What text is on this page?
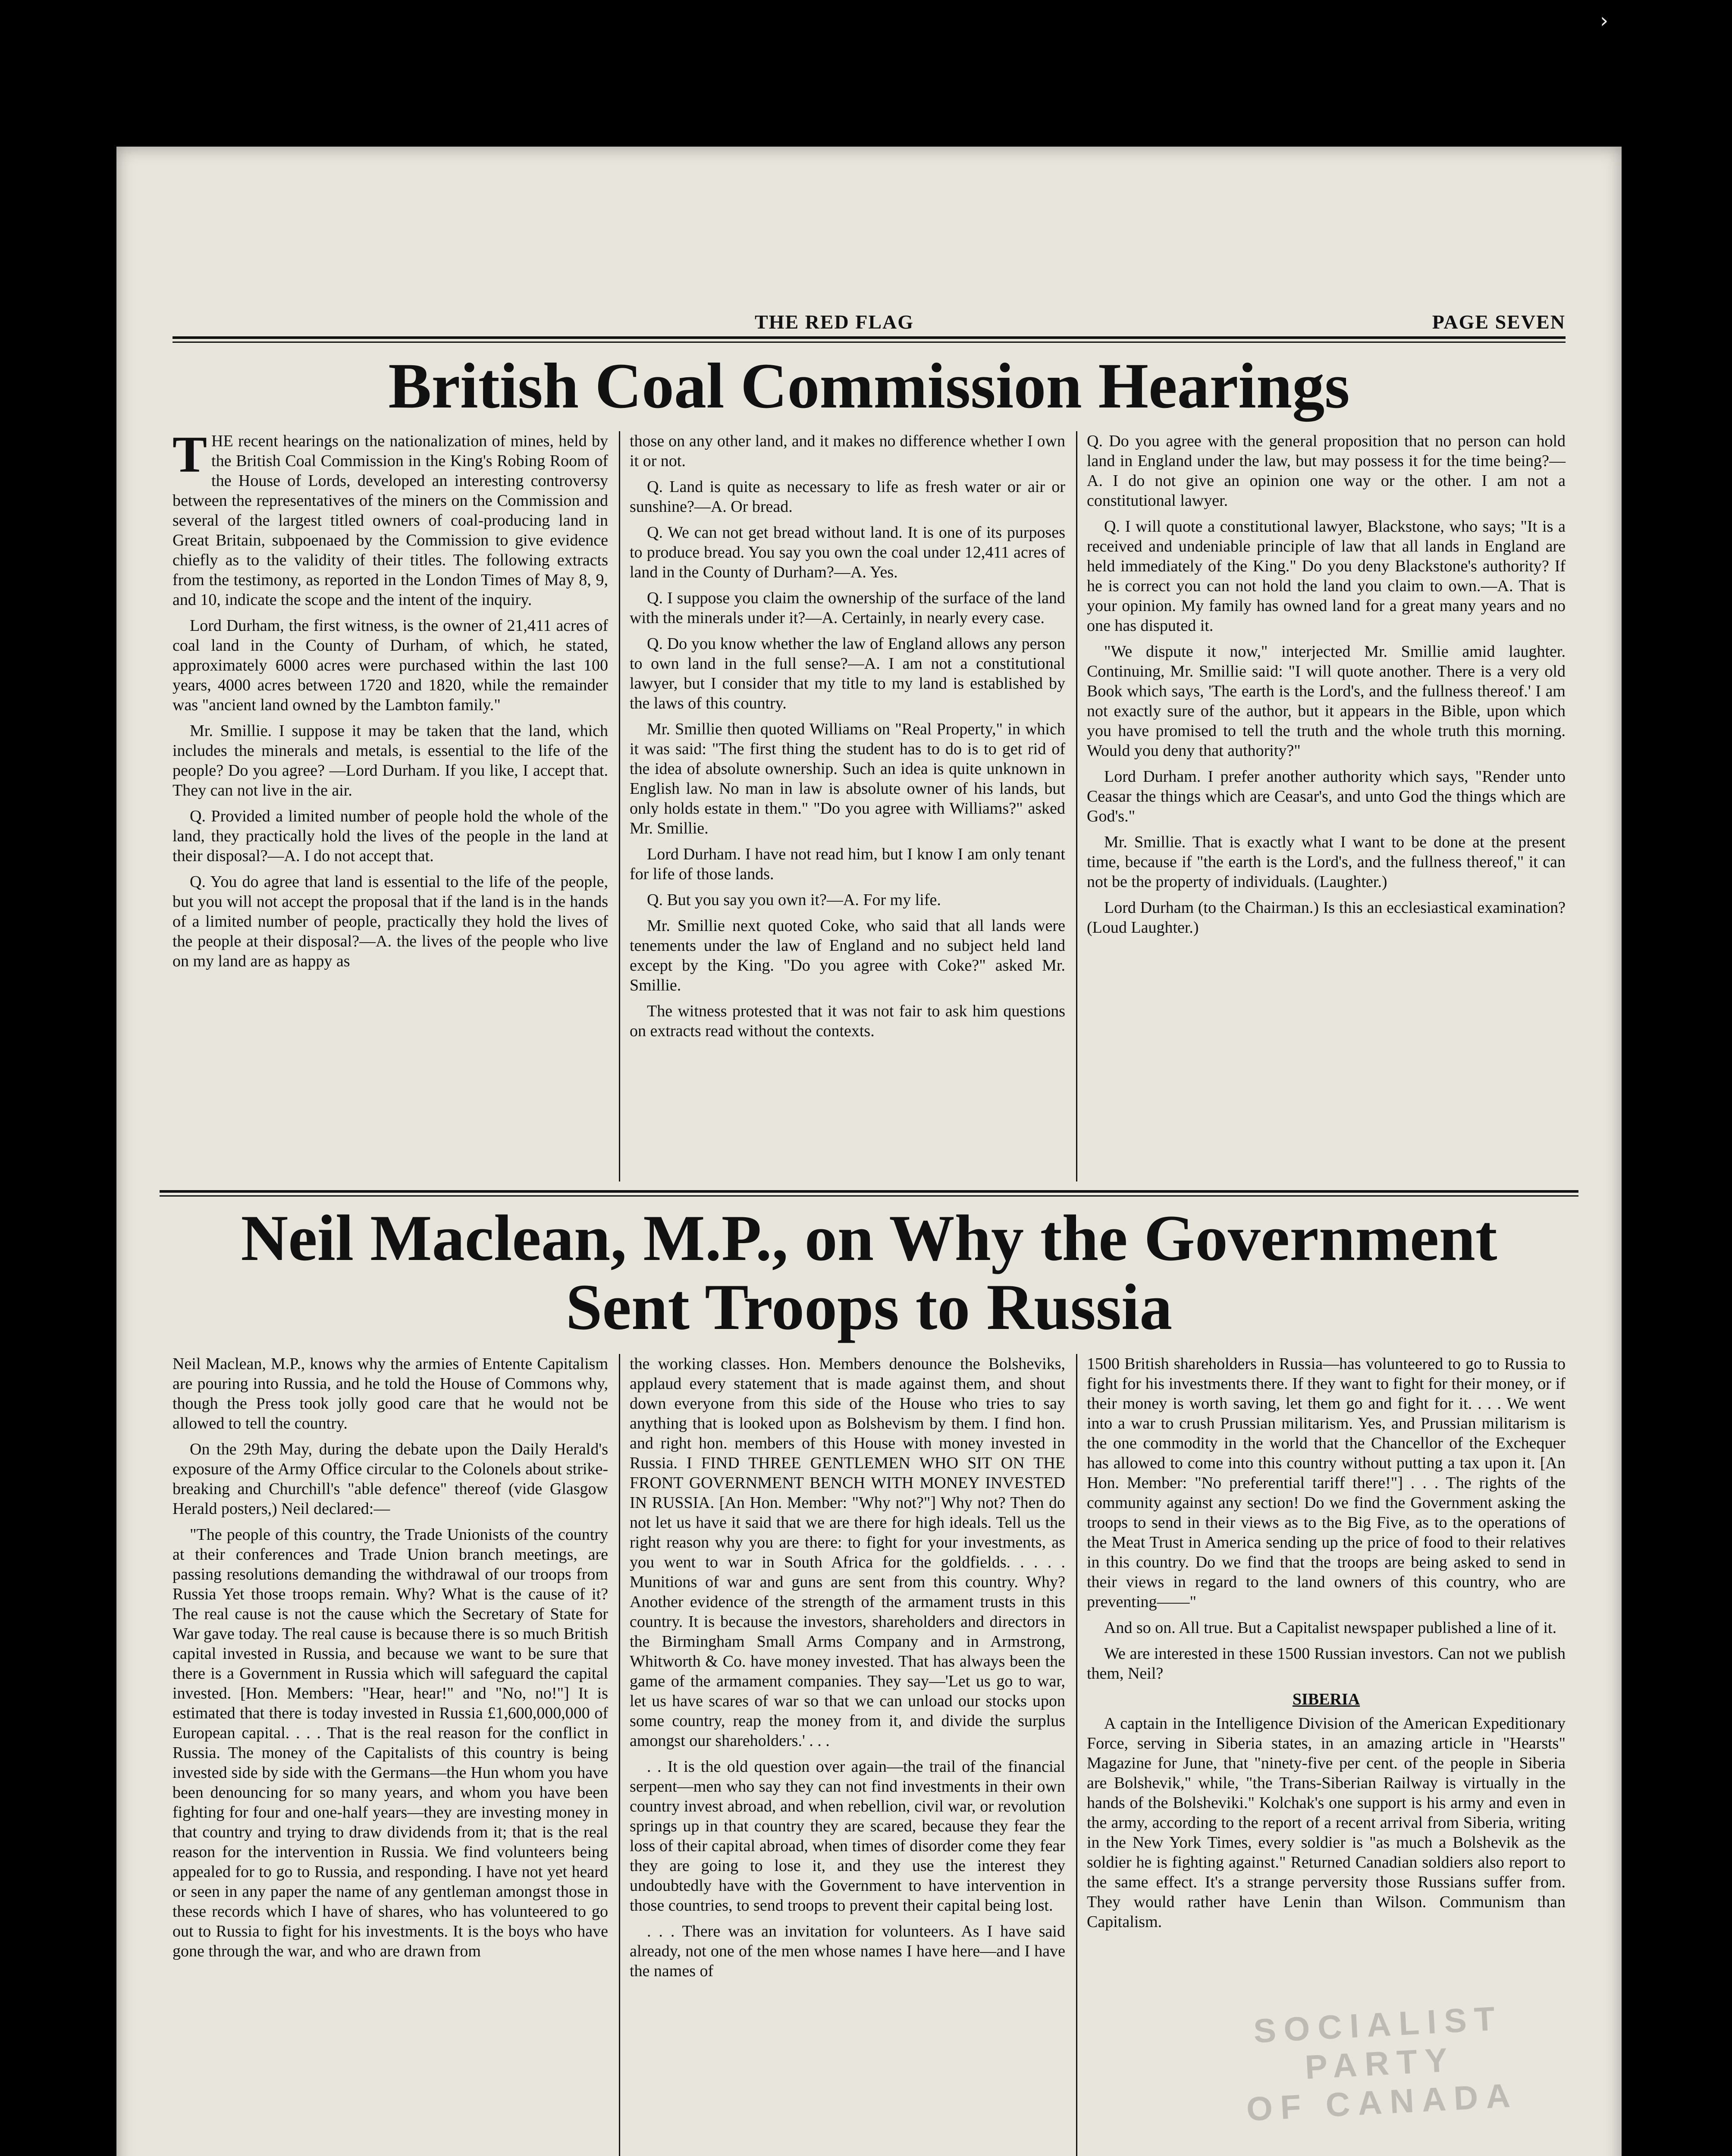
›
THE RED FLAG	PAGE SEVEN
British Coal Commission Hearings

THE recent hearings on the nationalization of mines, held by the British Coal Commission in the King's Robing Room of the House of Lords, developed an interesting controversy between the representatives of the miners on the Commission and several of the largest titled owners of coal-producing land in Great Britain, subpoenaed by the Commission to give evidence chiefly as to the validity of their titles. The following extracts from the testimony, as reported in the London Times of May 8, 9, and 10, indicate the scope and the intent of the inquiry.

Lord Durham, the first witness, is the owner of 21,411 acres of coal land in the County of Durham, of which, he stated, approximately 6000 acres were purchased within the last 100 years, 4000 acres between 1720 and 1820, while the remainder was "ancient land owned by the Lambton family."

Mr. Smillie. I suppose it may be taken that the land, which includes the minerals and metals, is essential to the life of the people? Do you agree? —Lord Durham. If you like, I accept that. They can not live in the air.

Q. Provided a limited number of people hold the whole of the land, they practically hold the lives of the people in the land at their disposal?—A. I do not accept that.

Q. You do agree that land is essential to the life of the people, but you will not accept the proposal that if the land is in the hands of a limited number of people, practically they hold the lives of the people at their disposal?—A. the lives of the people who live on my land are as happy as

those on any other land, and it makes no difference whether I own it or not.

Q. Land is quite as necessary to life as fresh water or air or sunshine?—A. Or bread.

Q. We can not get bread without land. It is one of its purposes to produce bread. You say you own the coal under 12,411 acres of land in the County of Durham?—A. Yes.

Q. I suppose you claim the ownership of the surface of the land with the minerals under it?—A. Certainly, in nearly every case.

Q. Do you know whether the law of England allows any person to own land in the full sense?—A. I am not a constitutional lawyer, but I consider that my title to my land is established by the laws of this country.

Mr. Smillie then quoted Williams on "Real Property," in which it was said: "The first thing the student has to do is to get rid of the idea of absolute ownership. Such an idea is quite unknown in English law. No man in law is absolute owner of his lands, but only holds estate in them." "Do you agree with Williams?" asked Mr. Smillie.

Lord Durham. I have not read him, but I know I am only tenant for life of those lands.

Q. But you say you own it?—A. For my life.

Mr. Smillie next quoted Coke, who said that all lands were tenements under the law of England and no subject held land except by the King. "Do you agree with Coke?" asked Mr. Smillie.

The witness protested that it was not fair to ask him questions on extracts read without the contexts.

Q. Do you agree with the general proposition that no person can hold land in England under the law, but may possess it for the time being?—A. I do not give an opinion one way or the other. I am not a constitutional lawyer.

Q. I will quote a constitutional lawyer, Blackstone, who says; "It is a received and undeniable principle of law that all lands in England are held immediately of the King." Do you deny Blackstone's authority? If he is correct you can not hold the land you claim to own.—A. That is your opinion. My family has owned land for a great many years and no one has disputed it.

"We dispute it now," interjected Mr. Smillie amid laughter. Continuing, Mr. Smillie said: "I will quote another. There is a very old Book which says, 'The earth is the Lord's, and the fullness thereof.' I am not exactly sure of the author, but it appears in the Bible, upon which you have promised to tell the truth and the whole truth this morning. Would you deny that authority?"

Lord Durham. I prefer another authority which says, "Render unto Ceasar the things which are Ceasar's, and unto God the things which are God's."

Mr. Smillie. That is exactly what I want to be done at the present time, because if "the earth is the Lord's, and the fullness thereof," it can not be the property of individuals. (Laughter.)

Lord Durham (to the Chairman.) Is this an ecclesiastical examination? (Loud Laughter.)

Neil Maclean, M.P., on Why the Government
Sent Troops to Russia

Neil Maclean, M.P., knows why the armies of Entente Capitalism are pouring into Russia, and he told the House of Commons why, though the Press took jolly good care that he would not be allowed to tell the country.

On the 29th May, during the debate upon the Daily Herald's exposure of the Army Office circular to the Colonels about strike-breaking and Churchill's "able defence" thereof (vide Glasgow Herald posters,) Neil declared:—

"The people of this country, the Trade Unionists of the country at their conferences and Trade Union branch meetings, are passing resolutions demanding the withdrawal of our troops from Russia Yet those troops remain. Why? What is the cause of it? The real cause is not the cause which the Secretary of State for War gave today. The real cause is because there is so much British capital invested in Russia, and because we want to be sure that there is a Government in Russia which will safeguard the capital invested. [Hon. Members: "Hear, hear!" and "No, no!"] It is estimated that there is today invested in Russia £1,600,000,000 of European capital. . . . That is the real reason for the conflict in Russia. The money of the Capitalists of this country is being invested side by side with the Germans—the Hun whom you have been denouncing for so many years, and whom you have been fighting for four and one-half years—they are investing money in that country and trying to draw dividends from it; that is the real reason for the intervention in Russia. We find volunteers being appealed for to go to Russia, and responding. I have not yet heard or seen in any paper the name of any gentleman amongst those in these records which I have of shares, who has volunteered to go out to Russia to fight for his investments. It is the boys who have gone through the war, and who are drawn from

the working classes. Hon. Members denounce the Bolsheviks, applaud every statement that is made against them, and shout down everyone from this side of the House who tries to say anything that is looked upon as Bolshevism by them. I find hon. and right hon. members of this House with money invested in Russia. I FIND THREE GENTLEMEN WHO SIT ON THE FRONT GOVERNMENT BENCH WITH MONEY INVESTED IN RUSSIA. [An Hon. Member: "Why not?"] Why not? Then do not let us have it said that we are there for high ideals. Tell us the right reason why you are there: to fight for your investments, as you went to war in South Africa for the goldfields. . . . . Munitions of war and guns are sent from this country. Why? Another evidence of the strength of the armament trusts in this country. It is because the investors, shareholders and directors in the Birmingham Small Arms Company and in Armstrong, Whitworth & Co. have money invested. That has always been the game of the armament companies. They say—'Let us go to war, let us have scares of war so that we can unload our stocks upon some country, reap the money from it, and divide the surplus amongst our shareholders.' . . .

. . It is the old question over again—the trail of the financial serpent—men who say they can not find investments in their own country invest abroad, and when rebellion, civil war, or revolution springs up in that country they are scared, because they fear the loss of their capital abroad, when times of disorder come they fear they are going to lose it, and they use the interest they undoubtedly have with the Government to have intervention in those countries, to send troops to prevent their capital being lost.

. . . There was an invitation for volunteers. As I have said already, not one of the men whose names I have here—and I have the names of

1500 British shareholders in Russia—has volunteered to go to Russia to fight for his investments there. If they want to fight for their money, or if their money is worth saving, let them go and fight for it. . . . We went into a war to crush Prussian militarism. Yes, and Prussian militarism is the one commodity in the world that the Chancellor of the Exchequer has allowed to come into this country without putting a tax upon it. [An Hon. Member: "No preferential tariff there!"] . . . The rights of the community against any section! Do we find the Government asking the troops to send in their views as to the Big Five, as to the operations of the Meat Trust in America sending up the price of food to their relatives in this country. Do we find that the troops are being asked to send in their views in regard to the land owners of this country, who are preventing——"

And so on. All true. But a Capitalist newspaper published a line of it.

We are interested in these 1500 Russian investors. Can not we publish them, Neil?

SIBERIA

A captain in the Intelligence Division of the American Expeditionary Force, serving in Siberia states, in an amazing article in "Hearsts" Magazine for June, that "ninety-five per cent. of the people in Siberia are Bolshevik," while, "the Trans-Siberian Railway is virtually in the hands of the Bolsheviki." Kolchak's one support is his army and even in the army, according to the report of a recent arrival from Siberia, writing in the New York Times, every soldier is "as much a Bolshevik as the soldier he is fighting against." Returned Canadian soldiers also report to the same effect. It's a strange perversity those Russians suffer from. They would rather have Lenin than Wilson. Communism than Capitalism.

SOCIALIST PARTY
OF CANADA
